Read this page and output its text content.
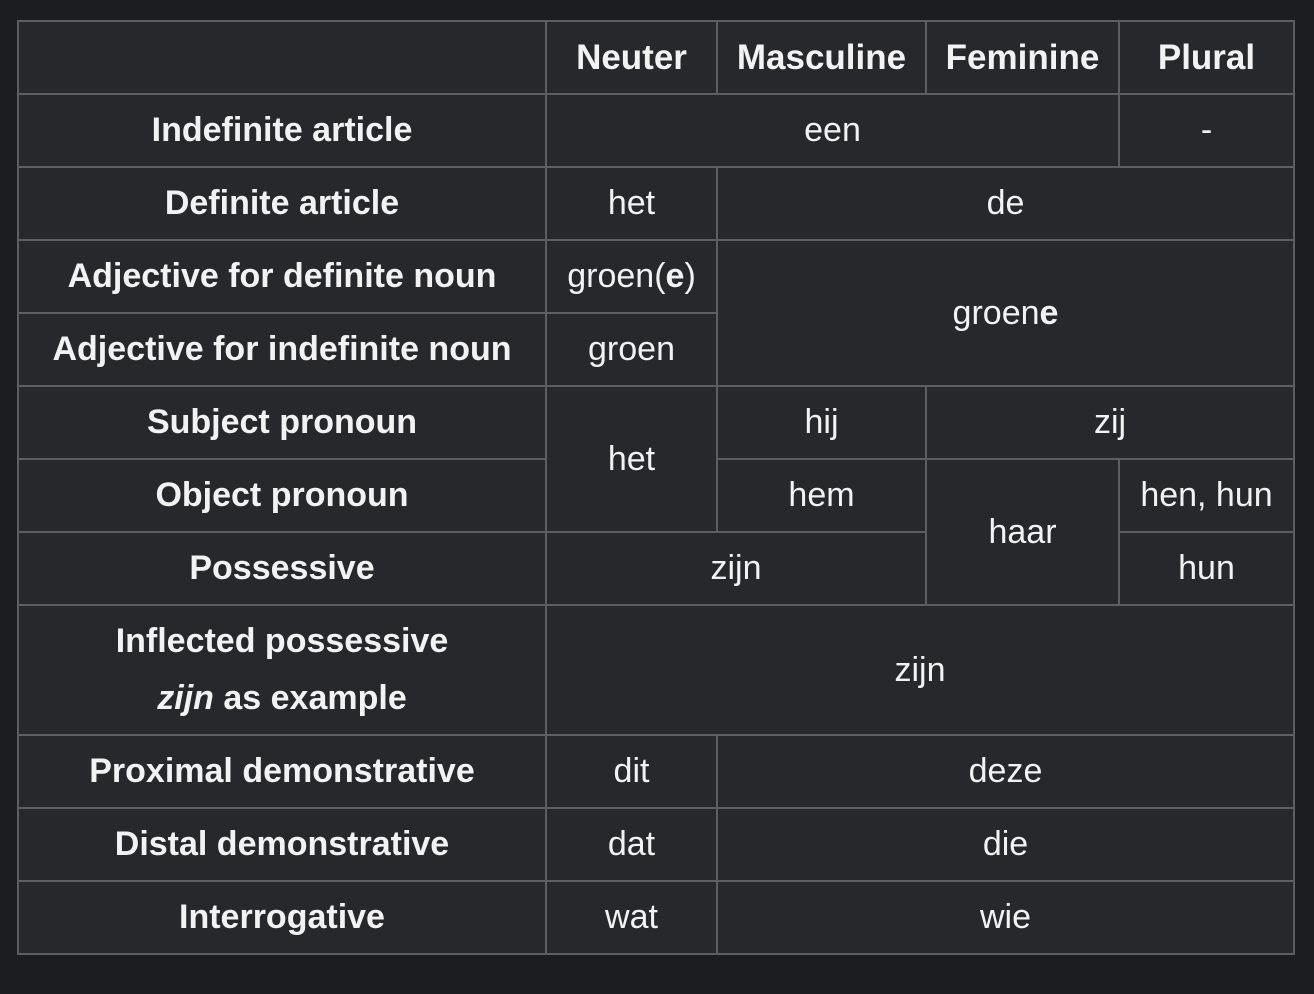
	Neuter	Masculine	Feminine	Plural
Indefinite article	een			-
Definite article	het	de		
Adjective for definite noun	groen(e)	groene		
Adjective for indefinite noun	groen			
Subject pronoun	het	hij	zij	
Object pronoun		hem	haar	hen, hun
Possessive	zijn			hun

Inflected possessive
zijn as example	zijn			
Proximal demonstrative	dit	deze		
Distal demonstrative	dat	die		
Interrogative	wat	wie		
